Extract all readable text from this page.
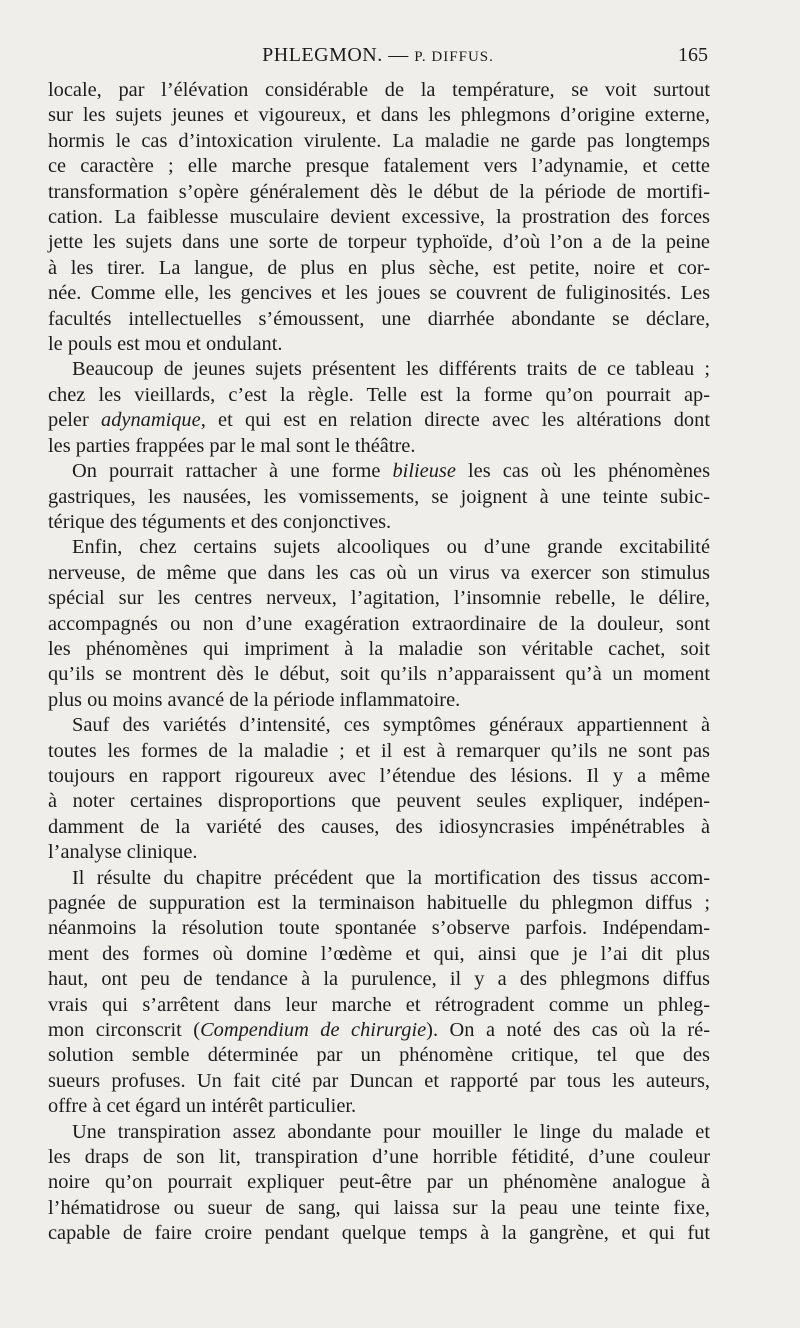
PHLEGMON. — P. DIFFUS.	165
locale, par l’élévation considérable de la température, se voit surtout
sur les sujets jeunes et vigoureux, et dans les phlegmons d’origine externe,
hormis le cas d’intoxication virulente. La maladie ne garde pas longtemps
ce caractère ; elle marche presque fatalement vers l’adynamie, et cette
transformation s’opère généralement dès le début de la période de mortifi-
cation. La faiblesse musculaire devient excessive, la prostration des forces
jette les sujets dans une sorte de torpeur typhoïde, d’où l’on a de la peine
à les tirer. La langue, de plus en plus sèche, est petite, noire et cor-
née. Comme elle, les gencives et les joues se couvrent de fuliginosités. Les
facultés intellectuelles s’émoussent, une diarrhée abondante se déclare,
le pouls est mou et ondulant.
Beaucoup de jeunes sujets présentent les différents traits de ce tableau ;
chez les vieillards, c’est la règle. Telle est la forme qu’on pourrait ap-
peler adynamique, et qui est en relation directe avec les altérations dont
les parties frappées par le mal sont le théâtre.
On pourrait rattacher à une forme bilieuse les cas où les phénomènes
gastriques, les nausées, les vomissements, se joignent à une teinte subic-
térique des téguments et des conjonctives.
Enfin, chez certains sujets alcooliques ou d’une grande excitabilité
nerveuse, de même que dans les cas où un virus va exercer son stimulus
spécial sur les centres nerveux, l’agitation, l’insomnie rebelle, le délire,
accompagnés ou non d’une exagération extraordinaire de la douleur, sont
les phénomènes qui impriment à la maladie son véritable cachet, soit
qu’ils se montrent dès le début, soit qu’ils n’apparaissent qu’à un moment
plus ou moins avancé de la période inflammatoire.
Sauf des variétés d’intensité, ces symptômes généraux appartiennent à
toutes les formes de la maladie ; et il est à remarquer qu’ils ne sont pas
toujours en rapport rigoureux avec l’étendue des lésions. Il y a même
à noter certaines disproportions que peuvent seules expliquer, indépen-
damment de la variété des causes, des idiosyncrasies impénétrables à
l’analyse clinique.
Il résulte du chapitre précédent que la mortification des tissus accom-
pagnée de suppuration est la terminaison habituelle du phlegmon diffus ;
néanmoins la résolution toute spontanée s’observe parfois. Indépendam-
ment des formes où domine l’œdème et qui, ainsi que je l’ai dit plus
haut, ont peu de tendance à la purulence, il y a des phlegmons diffus
vrais qui s’arrêtent dans leur marche et rétrogradent comme un phleg-
mon circonscrit (Compendium de chirurgie). On a noté des cas où la ré-
solution semble déterminée par un phénomène critique, tel que des
sueurs profuses. Un fait cité par Duncan et rapporté par tous les auteurs,
offre à cet égard un intérêt particulier.
Une transpiration assez abondante pour mouiller le linge du malade et
les draps de son lit, transpiration d’une horrible fétidité, d’une couleur
noire qu’on pourrait expliquer peut-être par un phénomène analogue à
l’hématidrose ou sueur de sang, qui laissa sur la peau une teinte fixe,
capable de faire croire pendant quelque temps à la gangrène, et qui fut
